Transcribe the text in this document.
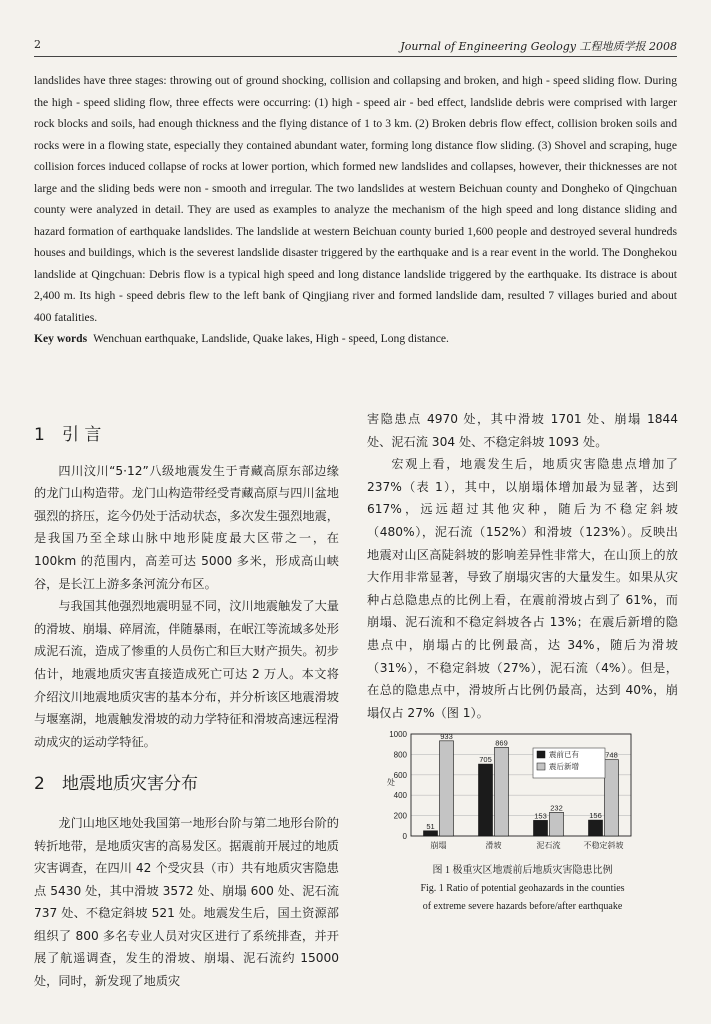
2	Journal of Engineering Geology 工程地质学报 2008

landslides have three stages: throwing out of ground shocking, collision and collapsing and broken, and high - speed sliding flow. During the high - speed sliding flow, three effects were occurring: (1) high - speed air - bed effect, landslide debris were comprised with larger rock blocks and soils, had enough thickness and the flying distance of 1 to 3 km. (2) Broken debris flow effect, collision broken soils and rocks were in a flowing state, especially they contained abundant water, forming long distance flow sliding. (3) Shovel and scraping, huge collision forces induced collapse of rocks at lower portion, which formed new landslides and collapses, however, their thicknesses are not large and the sliding beds were non - smooth and irregular. The two landslides at western Beichuan county and Dongheko of Qingchuan county were analyzed in detail. They are used as examples to analyze the mechanism of the high speed and long distance sliding and hazard formation of earthquake landslides. The landslide at western Beichuan county buried 1,600 people and destroyed several hundreds houses and buildings, which is the severest landslide disaster triggered by the earthquake and is a rear event in the world. The Donghekou landslide at Qingchuan: Debris flow is a typical high speed and long distance landslide triggered by the earthquake. Its distrace is about 2,400 m. Its high - speed debris flew to the left bank of Qingjiang river and formed landslide dam, resulted 7 villages buried and about 400 fatalities.

Key words Wenchuan earthquake, Landslide, Quake lakes, High - speed, Long distance.

1 引 言

四川汶川“5·12”八级地震发生于青藏高原东部边缘的龙门山构造带。龙门山构造带经受青藏高原与四川盆地强烈的挤压，迄今仍处于活动状态，多次发生强烈地震，是我国乃至全球山脉中地形陡度最大区带之一，在 100km 的范围内，高差可达 5000 多米，形成高山峡谷，是长江上游多条河流分布区。

与我国其他强烈地震明显不同，汶川地震触发了大量的滑坡、崩塌、碎屑流，伴随暴雨，在岷江等流域多处形成泥石流，造成了惨重的人员伤亡和巨大财产损失。初步估计，地震地质灾害直接造成死亡可达 2 万人。本文将介绍汶川地震地质灾害的基本分布，并分析该区地震滑坡与堰塞湖，地震触发滑坡的动力学特征和滑坡高速远程滑动成灾的运动学特征。

2 地震地质灾害分布

龙门山地区地处我国第一地形台阶与第二地形台阶的转折地带，是地质灾害的高易发区。据震前开展过的地质灾害调查，在四川 42 个受灾县（市）共有地质灾害隐患点 5430 处，其中滑坡 3572 处、崩塌 600 处、泥石流 737 处、不稳定斜坡 521 处。地震发生后，国土资源部组织了 800 多名专业人员对灾区进行了系统排查，并开展了航遥调查，发生的滑坡、崩塌、泥石流约 15000 处，同时，新发现了地质灾

害隐患点 4970 处，其中滑坡 1701 处、崩塌 1844 处、泥石流 304 处、不稳定斜坡 1093 处。

宏观上看，地震发生后，地质灾害隐患点增加了 237%（表 1），其中，以崩塌体增加最为显著，达到 617%，远远超过其他灾种，随后为不稳定斜坡（480%），泥石流（152%）和滑坡（123%）。反映出地震对山区高陡斜坡的影响差异性非常大，在山顶上的放大作用非常显著，导致了崩塌灾害的大量发生。如果从灾种占总隐患点的比例上看，在震前滑坡占到了 61%，而崩塌、泥石流和不稳定斜坡各占 13%；在震后新增的隐患点中，崩塌占的比例最高，达 34%，随后为滑坡（31%），不稳定斜坡（27%），泥石流（4%）。但是，在总的隐患点中，滑坡所占比例仍最高，达到 40%，崩塌仅占 27%（图 1）。

0
200
400
600
800
1000
处
崩塌
51
933
滑坡
705
869
泥石流
153
232
不稳定斜坡
156
748
震前已有
震后新增
图 1 极重灾区地震前后地质灾害隐患比例
Fig. 1 Ratio of potential geohazards in the counties
of extreme severe hazards before/after earthquake
